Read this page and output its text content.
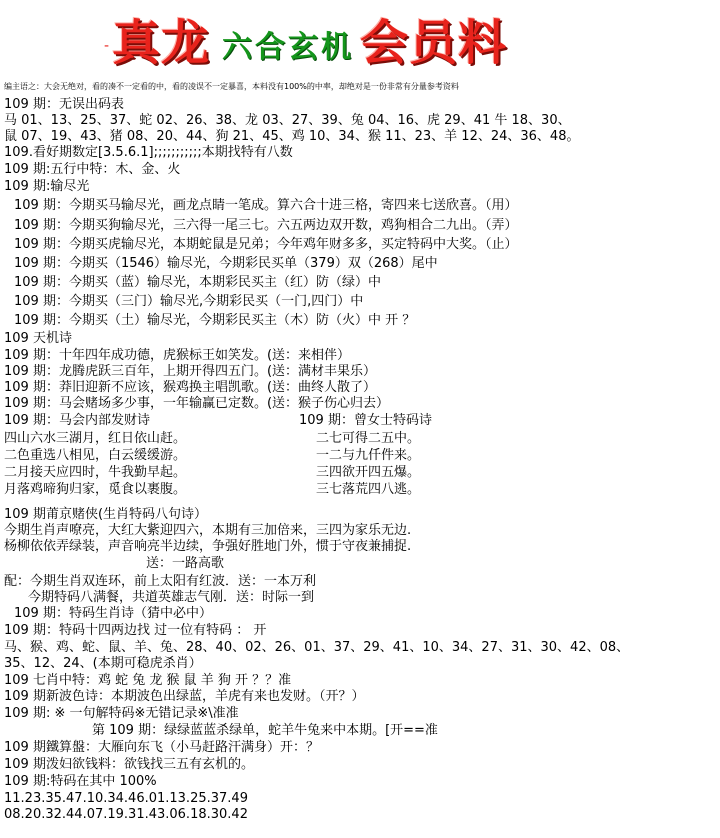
- 真龙 六合玄机 会员料
编主语之：大会无绝对，看的凑不一定看的中，看的凌误不一定暴喜，本料没有100%的中率，却绝对是一份非常有分量参考资料
109 期：无误出码表
马 01、13、25、37、蛇 02、26、38、龙 03、27、39、兔 04、16、虎 29、41 牛 18、30、
鼠 07、19、43、猪 08、20、44、狗 21、45、鸡 10、34、猴 11、23、羊 12、24、36、48。
109.看好期数定[3.5.6.1];;;;;;;;;;;本期找特有八数
109 期:五行中特：木、金、火
109 期:输尽光
109 期：今期买马输尽光，画龙点睛一笔成。算六合十进三格，寄四来七送欣喜。（用）
109 期：今期买狗输尽光，三六得一尾三七。六五两边双开数，鸡狗相合二九出。（弄）
109 期：今期买虎输尽光，本期蛇鼠是兄弟；今年鸡年财多多，买定特码中大奖。（止）
109 期：今期买（1546）输尽光，今期彩民买单（379）双（268）尾中
109 期：今期买（蓝）输尽光，本期彩民买主（红）防（绿）中
109 期：今期买（三门）输尽光,今期彩民买（一门,四门）中
109 期：今期买（土）输尽光，今期彩民买主（木）防（火）中 开 ？
109 天机诗
109 期：十年四年成功德，虎猴标王如笑发。(送：来相伴）
109 期：龙腾虎跃三百年，上期开得四五门。(送：满材丰果乐）
109 期：莽旧迎新不应该，猴鸡换主唱凯歌。(送：曲终人散了）
109 期：马会赌场多少事，一年输赢已定数。(送：猴子伤心归去）
109 期：马会内部发财诗
四山六水三湖月，红日依山赶。
二色重选八相见，白云缓缓游。
二月接天应四时，牛我勤早起。
月落鸡啼狗归家，觅食以裹腹。
109 期莆京赌侠(生肖特码八句诗）
今期生肖声嘹亮，大红大紫迎四六，本期有三加倍来，三四为家乐无边.
杨柳依依弄绿装，声音响亮半边续，争强好胜地门外，惯于守夜兼捕捉.
送：一路高歌
配：今期生肖双连环，前上太阳有红波．送：一本万利
今期特码八满餐，共道英雄志气刚．送：时际一到
109 期：特码生肖诗（猜中必中）
109 期：特码十四两边找 过一位有特码 ： 开
马、猴、鸡、蛇、鼠、羊、兔、28、40、02、26、01、37、29、41、10、34、27、31、30、42、08、
35、12、24、(本期可稳虎杀肖）
109 七肖中特：鸡 蛇 兔 龙 猴 鼠 羊 狗 开 ？？准
109 期新波色诗：本期波色出绿蓝，羊虎有来也发财。（开？）
109 期: ※ 一句解特码※无错记录※\准准
第 109 期：绿绿蓝蓝杀绿单，蛇羊牛兔来中本期。[开==准
109 期鐵算盤：大雁向东飞（小马赶路汗满身）开：？
109 期泼妇欲钱料：欲钱找三五有玄机的。
109 期:特码在其中 100%
11.23.35.47.10.34.46.01.13.25.37.49
08.20.32.44.07.19.31.43.06.18.30.42
109 期：曾女士特码诗
二七可得二五中。
一二与九仟件来。
三四欲开四五爆。
三七落荒四八逃。
